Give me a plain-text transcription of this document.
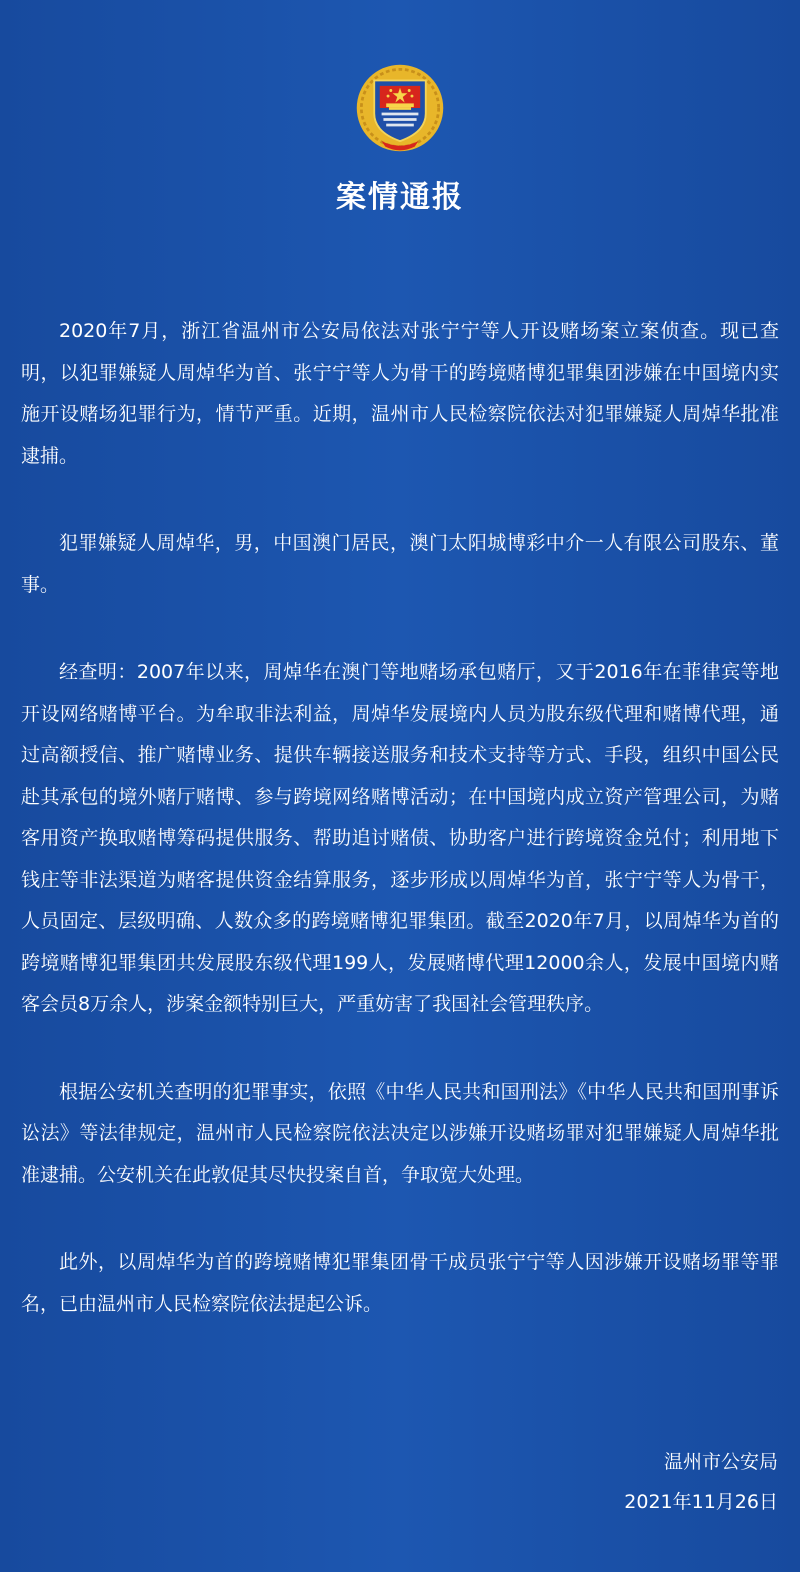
案情通报

2020年7月，浙江省温州市公安局依法对张宁宁等人开设赌场案立案侦查。现已查明，以犯罪嫌疑人周焯华为首、张宁宁等人为骨干的跨境赌博犯罪集团涉嫌在中国境内实施开设赌场犯罪行为，情节严重。近期，温州市人民检察院依法对犯罪嫌疑人周焯华批准逮捕。

犯罪嫌疑人周焯华，男，中国澳门居民，澳门太阳城博彩中介一人有限公司股东、董事。

经查明：2007年以来，周焯华在澳门等地赌场承包赌厅，又于2016年在菲律宾等地开设网络赌博平台。为牟取非法利益，周焯华发展境内人员为股东级代理和赌博代理，通过高额授信、推广赌博业务、提供车辆接送服务和技术支持等方式、手段，组织中国公民赴其承包的境外赌厅赌博、参与跨境网络赌博活动；在中国境内成立资产管理公司，为赌客用资产换取赌博筹码提供服务、帮助追讨赌债、协助客户进行跨境资金兑付；利用地下钱庄等非法渠道为赌客提供资金结算服务，逐步形成以周焯华为首，张宁宁等人为骨干，人员固定、层级明确、人数众多的跨境赌博犯罪集团。截至2020年7月，以周焯华为首的跨境赌博犯罪集团共发展股东级代理199人，发展赌博代理12000余人，发展中国境内赌客会员8万余人，涉案金额特别巨大，严重妨害了我国社会管理秩序。

根据公安机关查明的犯罪事实，依照《中华人民共和国刑法》《中华人民共和国刑事诉讼法》等法律规定，温州市人民检察院依法决定以涉嫌开设赌场罪对犯罪嫌疑人周焯华批准逮捕。公安机关在此敦促其尽快投案自首，争取宽大处理。

此外，以周焯华为首的跨境赌博犯罪集团骨干成员张宁宁等人因涉嫌开设赌场罪等罪名，已由温州市人民检察院依法提起公诉。

温州市公安局
2021年11月26日
